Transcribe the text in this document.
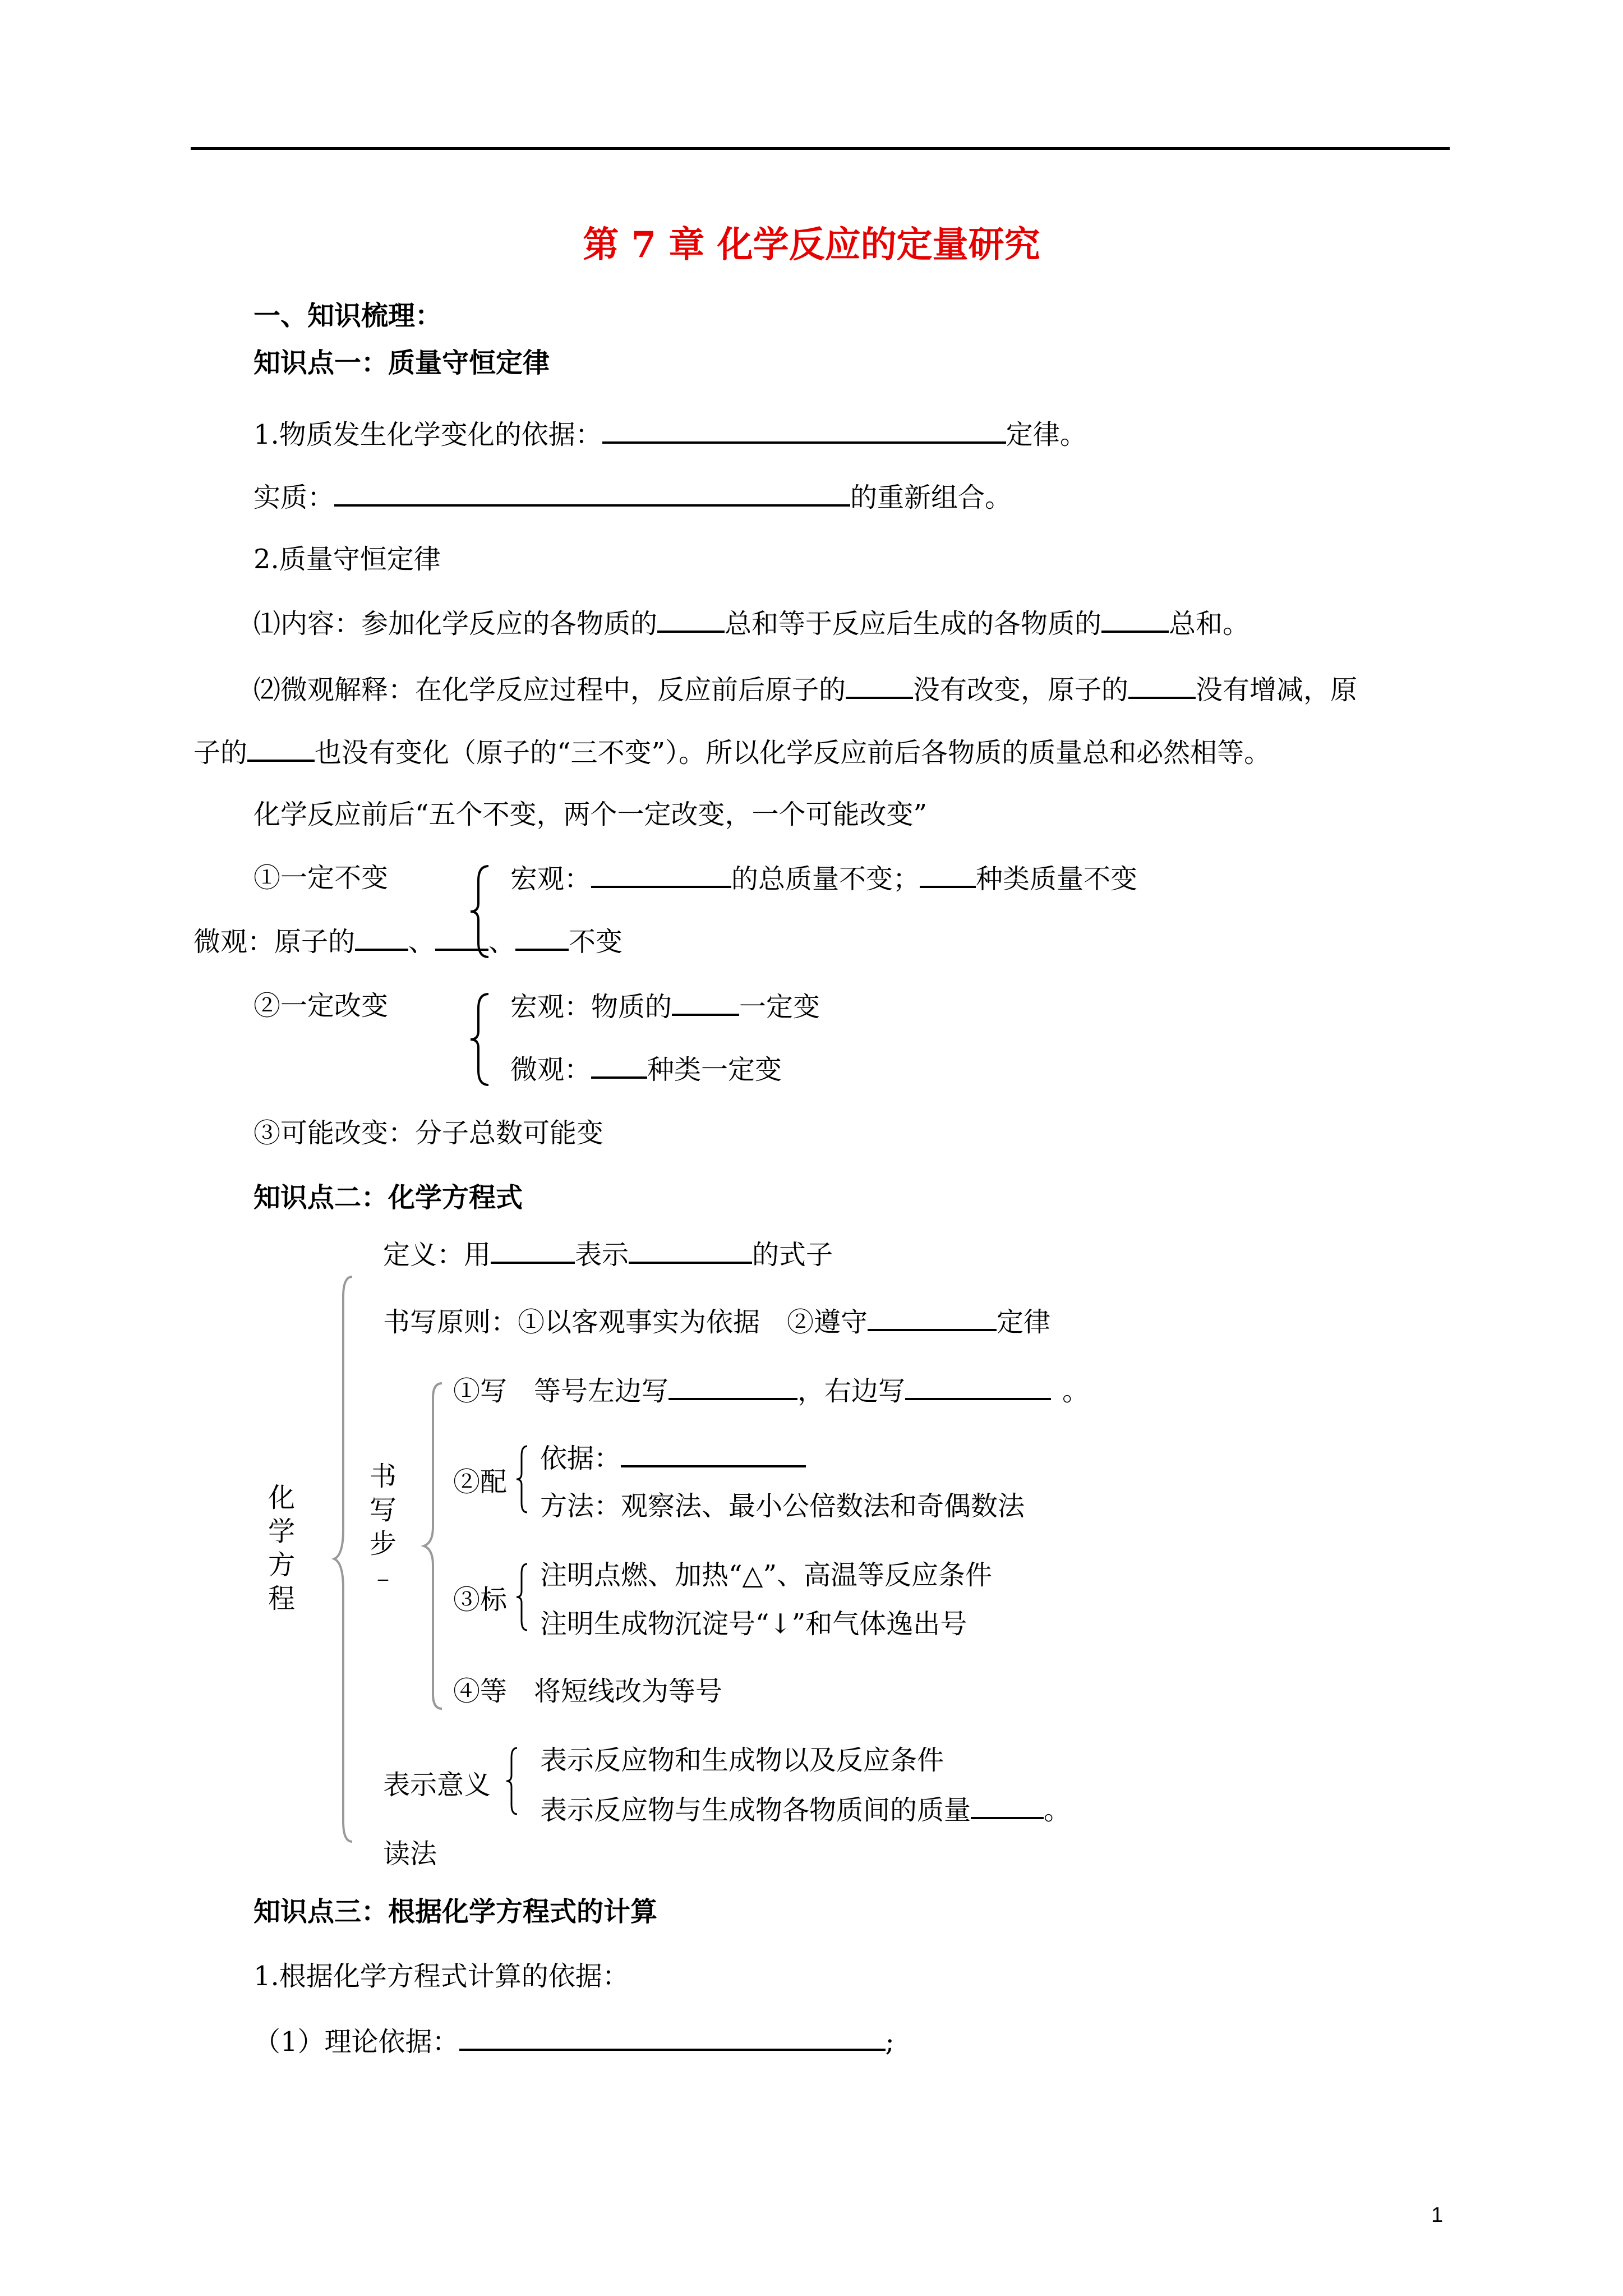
第 7 章 化学反应的定量研究
一、知识梳理：
知识点一：质量守恒定律
1.物质发生化学变化的依据：	定律。
实质：	的重新组合。
2.质量守恒定律
⑴内容：参加化学反应的各物质的	总和等于反应后生成的各物质的	总和。
⑵微观解释：在化学反应过程中，反应前后原子的	没有改变，原子的	没有增减，原
子的	也没有变化（原子的“三不变”）。所以化学反应前后各物质的质量总和必然相等。
化学反应前后“五个不变，两个一定改变，一个可能改变”
①一定不变	宏观：	的总质量不变； 种类质量不变
微观：原子的 、 、 不变
②一定改变	宏观：物质的	一定变
微观： 种类一定变
③可能改变：分子总数可能变
知识点二：化学方程式
定义：用	表示	的式子
化
学
方
程
书写原则：①以客观事实为依据　②遵守	定律
书
写
步
﹣
①写　等号左边写	，右边写	。
②配
依据：
方法：观察法、最小公倍数法和奇偶数法
③标
注明点燃、加热“△”、高温等反应条件
注明生成物沉淀号“↓”和气体逸出号
④等 将短线改为等号
表示意义
表示反应物和生成物以及反应条件
表示反应物与生成物各物质间的质量	。
读法
知识点三：根据化学方程式的计算
1.根据化学方程式计算的依据：
（1）理论依据：	;
1
